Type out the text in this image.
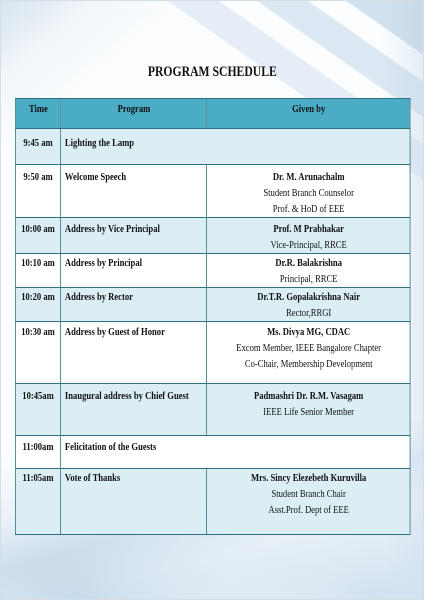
PROGRAM SCHEDULE
Time	Program	Given by
9:45 am	Lighting the Lamp	
9:50 am	Welcome Speech	Dr. M. Arunachalm
Student Branch Counselor
Prof. & HoD of EEE

10:00 am	Address by Vice Principal	Prof. M Prabhakar
Vice-Principal, RRCE

10:10 am	Address by Principal	Dr.R. Balakrishna
Principal, RRCE

10:20 am	Address by Rector	Dr.T.R. Gopalakrishna Nair
Rector,RRGI

10:30 am	Address by Guest of Honor	Ms. Divya MG, CDAC
Excom Member, IEEE Bangalore Chapter
Co-Chair, Membership Development

10:45am	Inaugural address by Chief Guest	Padmashri Dr. R.M. Vasagam
IEEE Life Senior Member

11:00am	Felicitation of the Guests	
11:05am	Vote of Thanks	Mrs. Sincy Elezebeth Kuruvilla
Student Branch Chair
Asst.Prof. Dept of EEE
